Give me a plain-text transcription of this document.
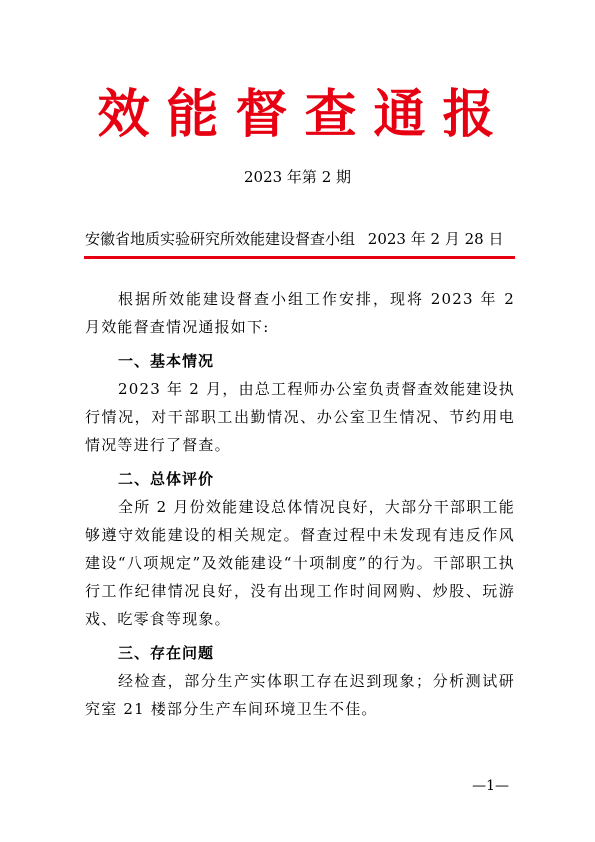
效能督查通报
2023 年第 2 期
安徽省地质实验研究所效能建设督查小组 2023 年 2 月 28 日

根据所效能建设督查小组工作安排，现将 2023 年 2 月效能督查情况通报如下:

一、基本情况

2023 年 2 月，由总工程师办公室负责督查效能建设执行情况，对干部职工出勤情况、办公室卫生情况、节约用电情况等进行了督查。

二、总体评价

全所 2 月份效能建设总体情况良好，大部分干部职工能够遵守效能建设的相关规定。督查过程中未发现有违反作风建设“八项规定”及效能建设“十项制度”的行为。干部职工执行工作纪律情况良好，没有出现工作时间网购、炒股、玩游戏、吃零食等现象。

三、存在问题

经检查，部分生产实体职工存在迟到现象；分析测试研究室 21 楼部分生产车间环境卫生不佳。

—1—
